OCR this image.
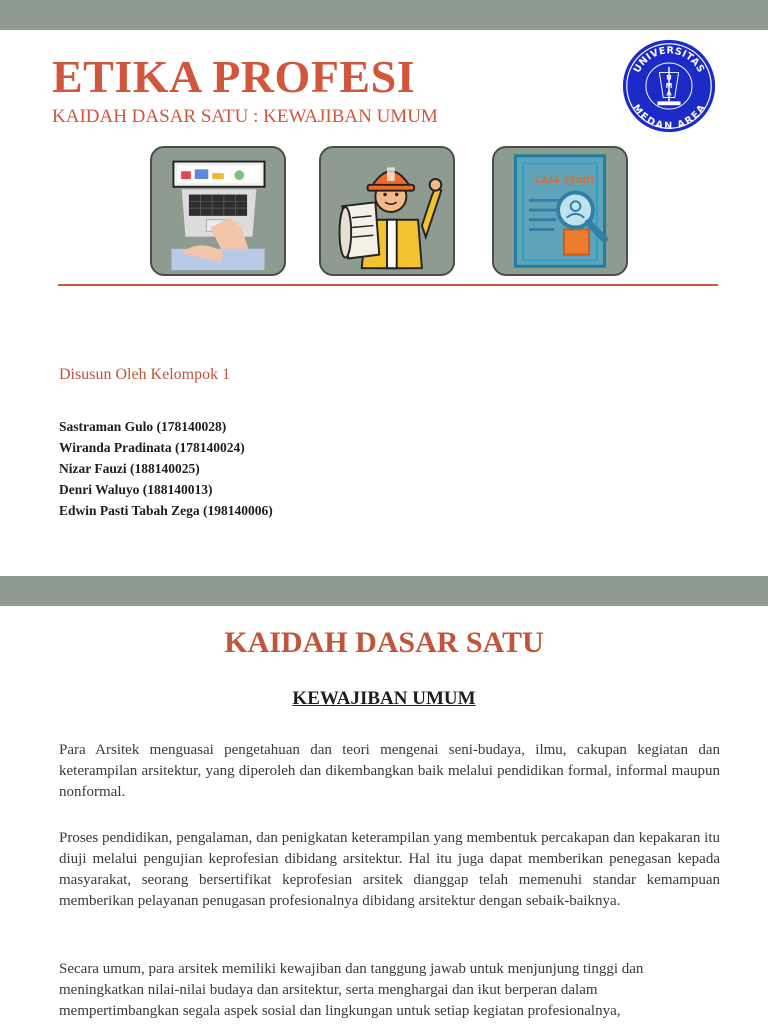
ETIKA PROFESI
KAIDAH DASAR SATU : KEWAJIBAN UMUM
UNIVERSITAS
MEDAN AREA
U
M
A
CASE STUDY
Disusun Oleh Kelompok 1
Sastraman Gulo (178140028)
Wiranda Pradinata (178140024)
Nizar Fauzi (188140025)
Denri Waluyo (188140013)
Edwin Pasti Tabah Zega (198140006)
KAIDAH DASAR SATU
KEWAJIBAN UMUM

Para Arsitek menguasai pengetahuan dan teori mengenai seni-budaya, ilmu, cakupan kegiatan dan keterampilan arsitektur, yang diperoleh dan dikembangkan baik melalui pendidikan formal, informal maupun nonformal.

Proses pendidikan, pengalaman, dan penigkatan keterampilan yang membentuk percakapan dan kepakaran itu diuji melalui pengujian keprofesian dibidang arsitektur. Hal itu juga dapat memberikan penegasan kepada masyarakat, seorang bersertifikat keprofesian arsitek dianggap telah memenuhi standar kemampuan memberikan pelayanan penugasan profesionalnya dibidang arsitektur dengan sebaik-baiknya.

Secara umum, para arsitek memiliki kewajiban dan tanggung jawab untuk menjunjung tinggi dan meningkatkan nilai-nilai budaya dan arsitektur, serta menghargai dan ikut berperan dalam mempertimbangkan segala aspek sosial dan lingkungan untuk setiap kegiatan profesionalnya,
